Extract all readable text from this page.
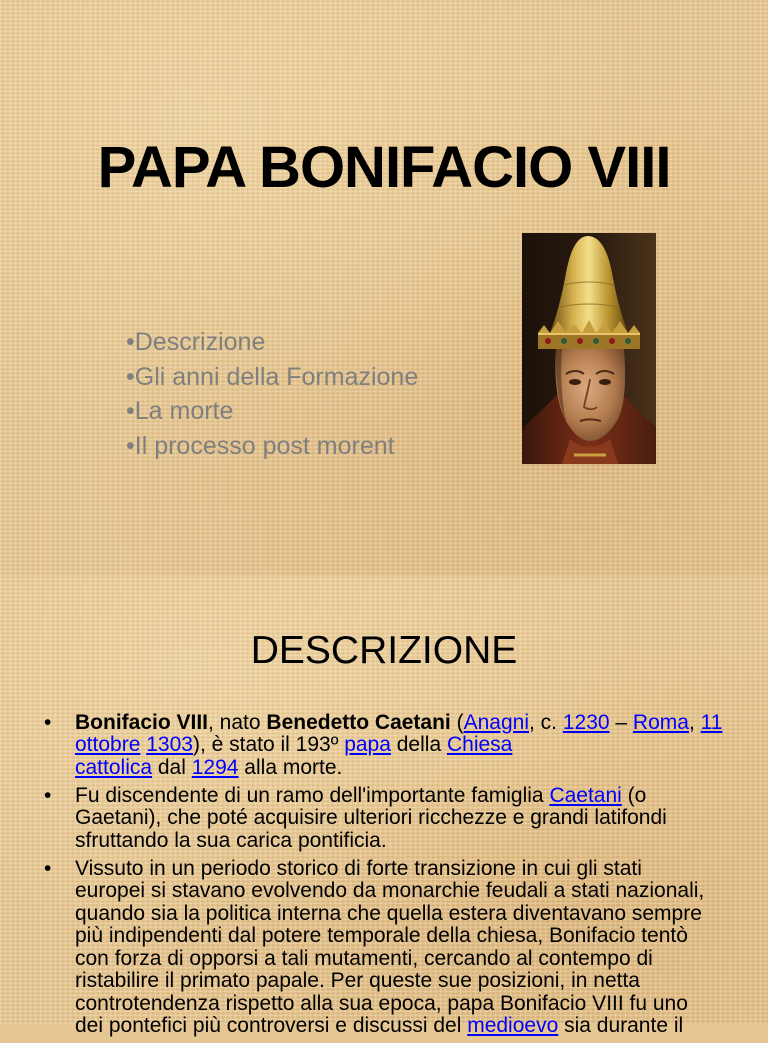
PAPA BONIFACIO VIII
•Descrizione
•Gli anni della Formazione
•La morte
•Il processo post morent
DESCRIZIONE
• Bonifacio VIII, nato Benedetto Caetani (Anagni, c. 1230 – Roma, 11
ottobre 1303), è stato il 193º papa della Chiesa
cattolica dal 1294 alla morte.
• Fu discendente di un ramo dell'importante famiglia Caetani (o
Gaetani), che poté acquisire ulteriori ricchezze e grandi latifondi
sfruttando la sua carica pontificia.
• Vissuto in un periodo storico di forte transizione in cui gli stati
europei si stavano evolvendo da monarchie feudali a stati nazionali,
quando sia la politica interna che quella estera diventavano sempre
più indipendenti dal potere temporale della chiesa, Bonifacio tentò
con forza di opporsi a tali mutamenti, cercando al contempo di
ristabilire il primato papale. Per queste sue posizioni, in netta
controtendenza rispetto alla sua epoca, papa Bonifacio VIII fu uno
dei pontefici più controversi e discussi del medioevo sia durante il
